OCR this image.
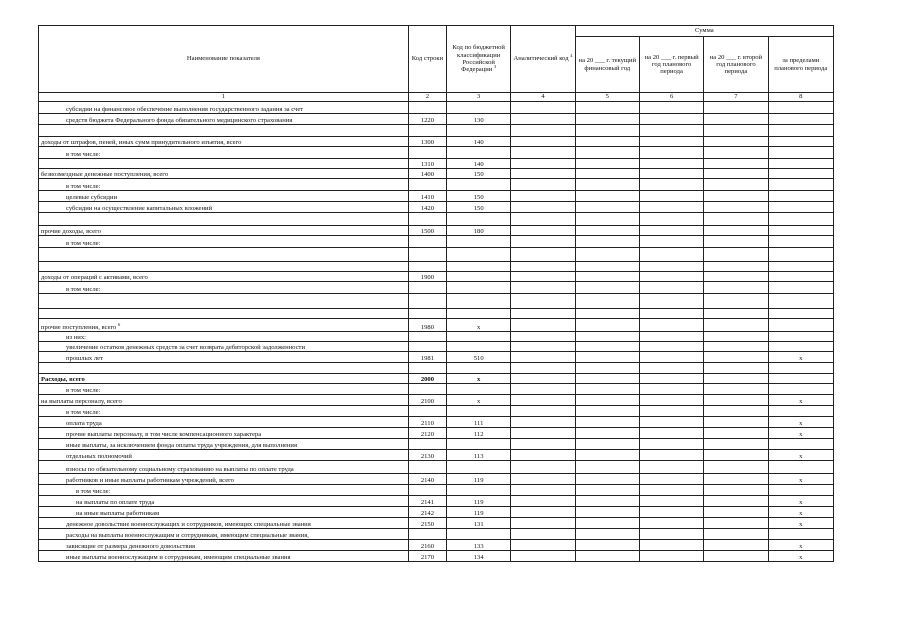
Наименование показателя	Код строки	Код по бюджетной классификации Российской Федерации $^3$	Аналитический код $^4$	Сумма			
				на 20 ___ г. текущий финансовый год	на 20 ___ г. первый год планового периода	на 20 ___ г. второй год планового периода	за пределами планового периода
1	2	3	4	5	6	7	8
субсидии на финансовое обеспечение выполнения государственного задания за счет							
средств бюджета Федерального фонда обязательного медицинского страхования	1220	130					

доходы от штрафов, пеней, иных сумм принудительного изъятия, всего	1300	140					
в том числе:							
	1310	140					
безвозмездные денежные поступления, всего	1400	150					
в том числе:							
целевые субсидии	1410	150					
субсидии на осуществление капитальных вложений	1420	150					

прочие доходы, всего	1500	180					
в том числе:							

доходы от операций с активами, всего	1900						
в том числе:							

прочие поступления, всего $^6$	1980	x					
из них:							
увеличение остатков денежных средств за счет возврата дебиторской задолженности							
прошлых лет	1981	510					x

Расходы, всего	2000	x					
в том числе:							
на выплаты персоналу, всего	2100	x					x
в том числе:							
оплата труда	2110	111					x
прочие выплаты персоналу, в том числе компенсационного характера	2120	112					x
иные выплаты, за исключением фонда оплаты труда учреждения, для выполнения							
отдельных полномочий	2130	113					x
взносы по обязательному социальному страхованию на выплаты по оплате труда							
работников и иные выплаты работникам учреждений, всего	2140	119					x
в том числе:							
на выплаты по оплате труда	2141	119					x
на иные выплаты работникам	2142	119					x
денежное довольствие военнослужащих и сотрудников, имеющих специальные звания	2150	131					x
расходы на выплаты военнослужащим и сотрудникам, имеющим специальные звания,							
зависящие от размера денежного довольствия	2160	133					x
иные выплаты военнослужащим и сотрудникам, имеющим специальные звания	2170	134					x
